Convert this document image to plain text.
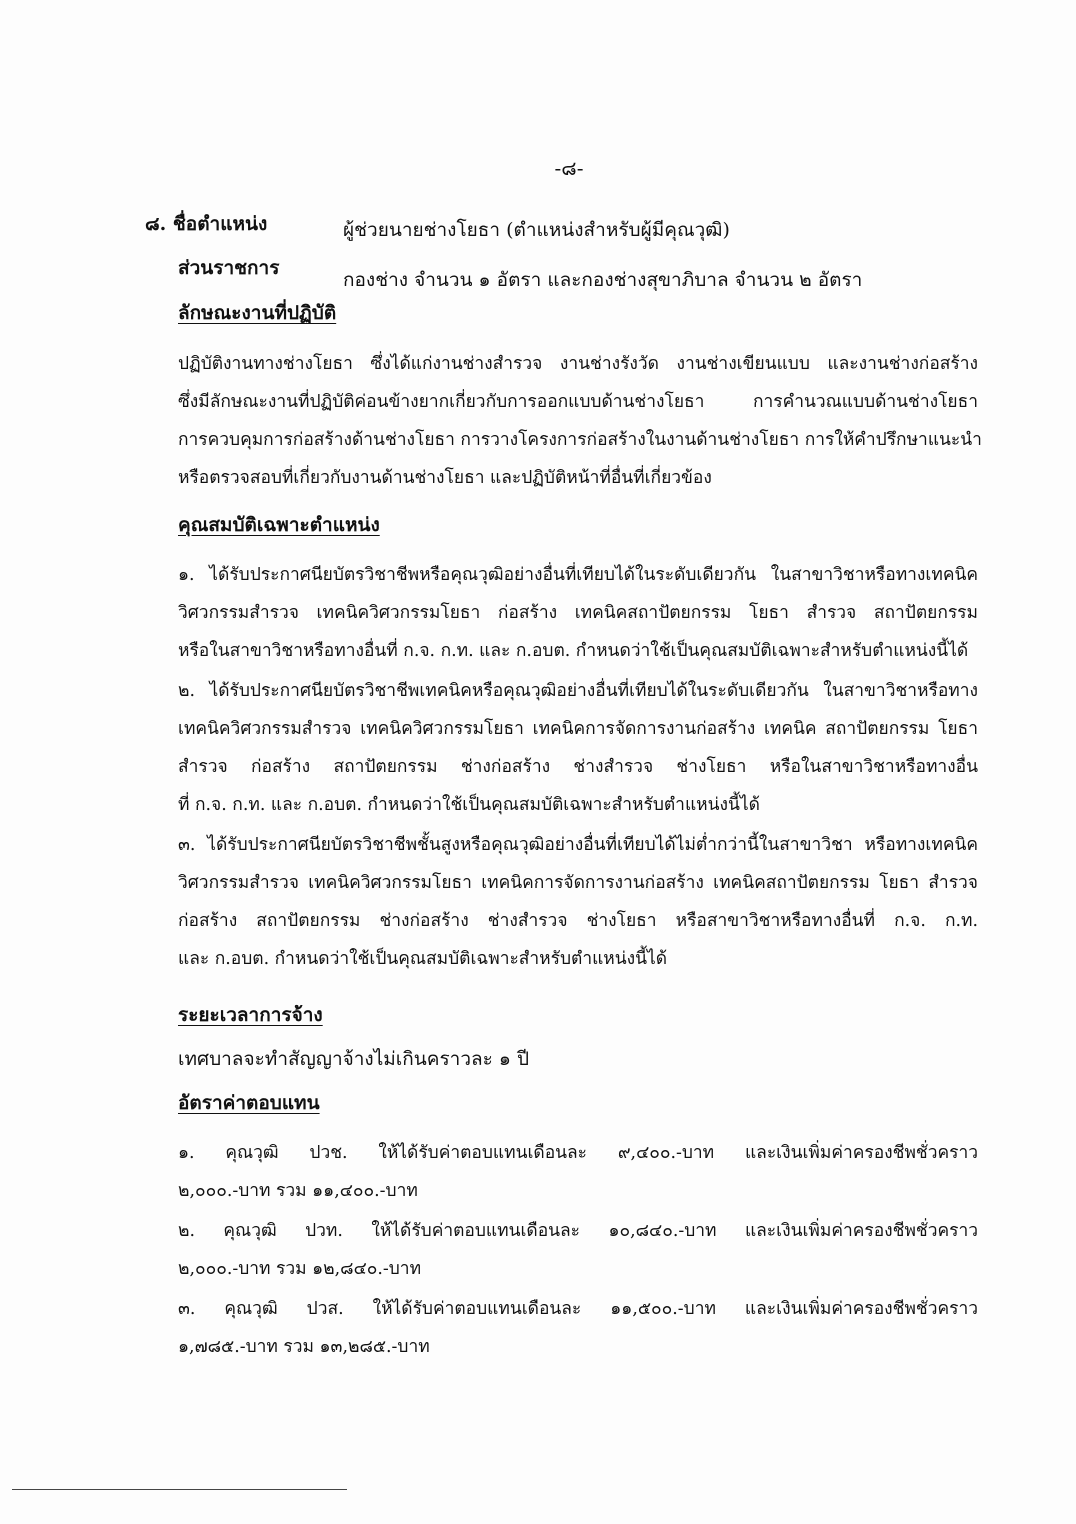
-๘-
๘. ชื่อตำแหน่ง	ผู้ช่วยนายช่างโยธา (ตำแหน่งสำหรับผู้มีคุณวุฒิ)
ส่วนราชการ
กองช่าง จำนวน ๑ อัตรา และกองช่างสุขาภิบาล จำนวน ๒ อัตรา
ลักษณะงานที่ปฏิบัติ
ปฏิบัติงานทางช่างโยธา ซึ่งได้แก่งานช่างสำรวจ งานช่างรังวัด งานช่างเขียนแบบ และงานช่างก่อสร้าง
ซึ่งมีลักษณะงานที่ปฏิบัติค่อนข้างยากเกี่ยวกับการออกแบบด้านช่างโยธา การคำนวณแบบด้านช่างโยธา
การควบคุมการก่อสร้างด้านช่างโยธา การวางโครงการก่อสร้างในงานด้านช่างโยธา การให้คำปรึกษาแนะนำ
หรือตรวจสอบที่เกี่ยวกับงานด้านช่างโยธา และปฏิบัติหน้าที่อื่นที่เกี่ยวข้อง
คุณสมบัติเฉพาะตำแหน่ง
๑. ได้รับประกาศนียบัตรวิชาชีพหรือคุณวุฒิอย่างอื่นที่เทียบได้ในระดับเดียวกัน ในสาขาวิชาหรือทางเทคนิค
วิศวกรรมสำรวจ เทคนิควิศวกรรมโยธา ก่อสร้าง เทคนิคสถาปัตยกรรม โยธา สำรวจ สถาปัตยกรรม
หรือในสาขาวิชาหรือทางอื่นที่ ก.จ. ก.ท. และ ก.อบต. กำหนดว่าใช้เป็นคุณสมบัติเฉพาะสำหรับตำแหน่งนี้ได้
๒. ได้รับประกาศนียบัตรวิชาชีพเทคนิคหรือคุณวุฒิอย่างอื่นที่เทียบได้ในระดับเดียวกัน ในสาขาวิชาหรือทาง
เทคนิควิศวกรรมสำรวจ เทคนิควิศวกรรมโยธา เทคนิคการจัดการงานก่อสร้าง เทคนิค สถาปัตยกรรม โยธา
สำรวจ ก่อสร้าง สถาปัตยกรรม ช่างก่อสร้าง ช่างสำรวจ ช่างโยธา หรือในสาขาวิชาหรือทางอื่น
ที่ ก.จ. ก.ท. และ ก.อบต. กำหนดว่าใช้เป็นคุณสมบัติเฉพาะสำหรับตำแหน่งนี้ได้
๓. ได้รับประกาศนียบัตรวิชาชีพชั้นสูงหรือคุณวุฒิอย่างอื่นที่เทียบได้ไม่ต่ำกว่านี้ในสาขาวิชา หรือทางเทคนิค
วิศวกรรมสำรวจ เทคนิควิศวกรรมโยธา เทคนิคการจัดการงานก่อสร้าง เทคนิคสถาปัตยกรรม โยธา สำรวจ
ก่อสร้าง สถาปัตยกรรม ช่างก่อสร้าง ช่างสำรวจ ช่างโยธา หรือสาขาวิชาหรือทางอื่นที่ ก.จ. ก.ท.
และ ก.อบต. กำหนดว่าใช้เป็นคุณสมบัติเฉพาะสำหรับตำแหน่งนี้ได้
ระยะเวลาการจ้าง
เทศบาลจะทำสัญญาจ้างไม่เกินคราวละ ๑ ปี
อัตราค่าตอบแทน
๑. คุณวุฒิ ปวช. ให้ได้รับค่าตอบแทนเดือนละ ๙,๔๐๐.-บาท และเงินเพิ่มค่าครองชีพชั่วคราว
๒,๐๐๐.-บาท รวม ๑๑,๔๐๐.-บาท
๒. คุณวุฒิ ปวท. ให้ได้รับค่าตอบแทนเดือนละ ๑๐,๘๔๐.-บาท และเงินเพิ่มค่าครองชีพชั่วคราว
๒,๐๐๐.-บาท รวม ๑๒,๘๔๐.-บาท
๓. คุณวุฒิ ปวส. ให้ได้รับค่าตอบแทนเดือนละ ๑๑,๕๐๐.-บาท และเงินเพิ่มค่าครองชีพชั่วคราว
๑,๗๘๕.-บาท รวม ๑๓,๒๘๕.-บาท
